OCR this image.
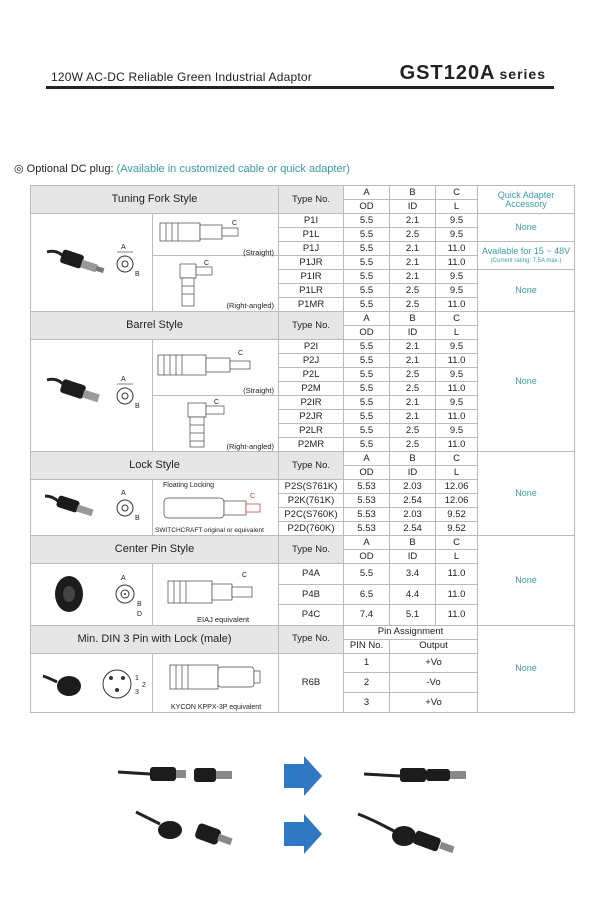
120W AC-DC Reliable Green Industrial Adaptor	GST120A series
◎ Optional DC plug: (Available in customized cable or quick adapter)
Tuning Fork Style		Type No.	A	B	C	Quick Adapter Accessory
			OD	ID	L	

A
B	C
(Straight)	P1I	5.5	2.1	9.5	None
		P1L	5.5	2.5	9.5	
		P1J	5.5	2.1	11.0	Available for 15 ~ 48V
(Current rating: 7.5A max.)

C
(Right-angled)	P1JR	5.5	2.1	11.0	
		P1IR	5.5	2.1	9.5	None
		P1LR	5.5	2.5	9.5	
		P1MR	5.5	2.5	11.0	
Barrel Style		Type No.	A	B	C	None
			OD	ID	L	

A
B	C
(Straight)	P2I	5.5	2.1	9.5	
		P2J	5.5	2.1	11.0	
		P2L	5.5	2.5	9.5	
		P2M	5.5	2.5	11.0	

C
(Right-angled)	P2IR	5.5	2.1	9.5	
		P2JR	5.5	2.1	11.0	
		P2LR	5.5	2.5	9.5	
		P2MR	5.5	2.5	11.0	
Lock Style		Type No.	A	B	C	None
			OD	ID	L	

A
B	Floating Locking
C
SWITCHCRAFT original or equivalent	P2S(S761K)	5.53	2.03	12.06	
		P2K(761K)	5.53	2.54	12.06	
		P2C(S760K)	5.53	2.03	9.52	
		P2D(760K)	5.53	2.54	9.52	
Center Pin Style		Type No.	A	B	C	None
			OD	ID	L	

A
B
D	C
EIAJ equivalent	P4A	5.5	3.4	11.0	
		P4B	6.5	4.4	11.0	
		P4C	7.4	5.1	11.0	
Min. DIN 3 Pin with Lock (male)		Type No.	Pin Assignment			None
			PIN No.	Output		

1
3
2	KYCON KPPX-3P equivalent	R6B	1	+Vo		
			2	-Vo		
			3	+Vo		
